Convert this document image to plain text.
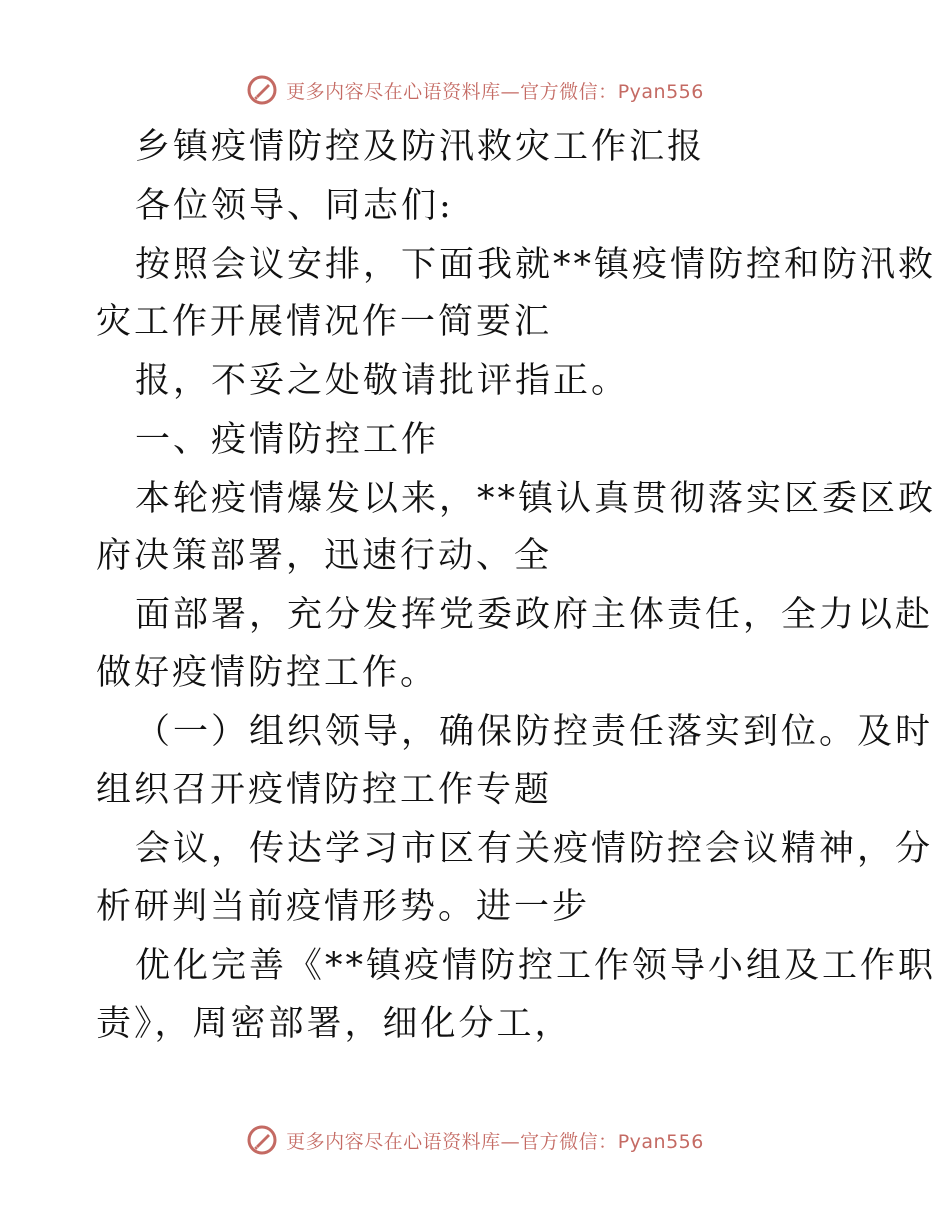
更多内容尽在心语资料库—官方微信：Pyan556
乡镇疫情防控及防汛救灾工作汇报
各位领导、同志们:
按照会议安排，下面我就**镇疫情防控和防汛救
灾工作开展情况作一简要汇
报，不妥之处敬请批评指正。
一、疫情防控工作
本轮疫情爆发以来，**镇认真贯彻落实区委区政
府决策部署，迅速行动、全
面部署，充分发挥党委政府主体责任，全力以赴
做好疫情防控工作。
（一）组织领导，确保防控责任落实到位。及时
组织召开疫情防控工作专题
会议，传达学习市区有关疫情防控会议精神，分
析研判当前疫情形势。进一步
优化完善《**镇疫情防控工作领导小组及工作职
责》，周密部署，细化分工，
更多内容尽在心语资料库—官方微信：Pyan556
